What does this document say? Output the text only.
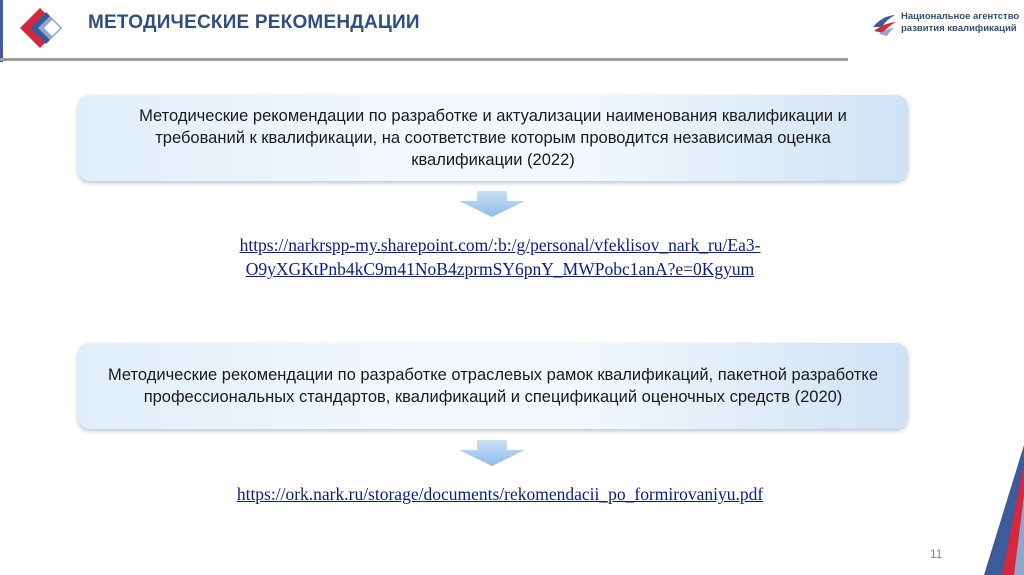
МЕТОДИЧЕСКИЕ РЕКОМЕНДАЦИИ	Национальное агентство
развития квалификаций
Методические рекомендации по разработке и актуализации наименования квалификации и требований к квалификации, на соответствие которым проводится независимая оценка квалификации (2022)
https://narkrspp-my.sharepoint.com/:b:/g/personal/vfeklisov_nark_ru/Ea3-
O9yXGKtPnb4kC9m41NoB4zprmSY6pnY_MWPobc1anA?e=0Kgyum
Методические рекомендации по разработке отраслевых рамок квалификаций, пакетной разработке профессиональных стандартов, квалификаций и спецификаций оценочных средств (2020)
https://ork.nark.ru/storage/documents/rekomendacii_po_formirovaniyu.pdf
11
